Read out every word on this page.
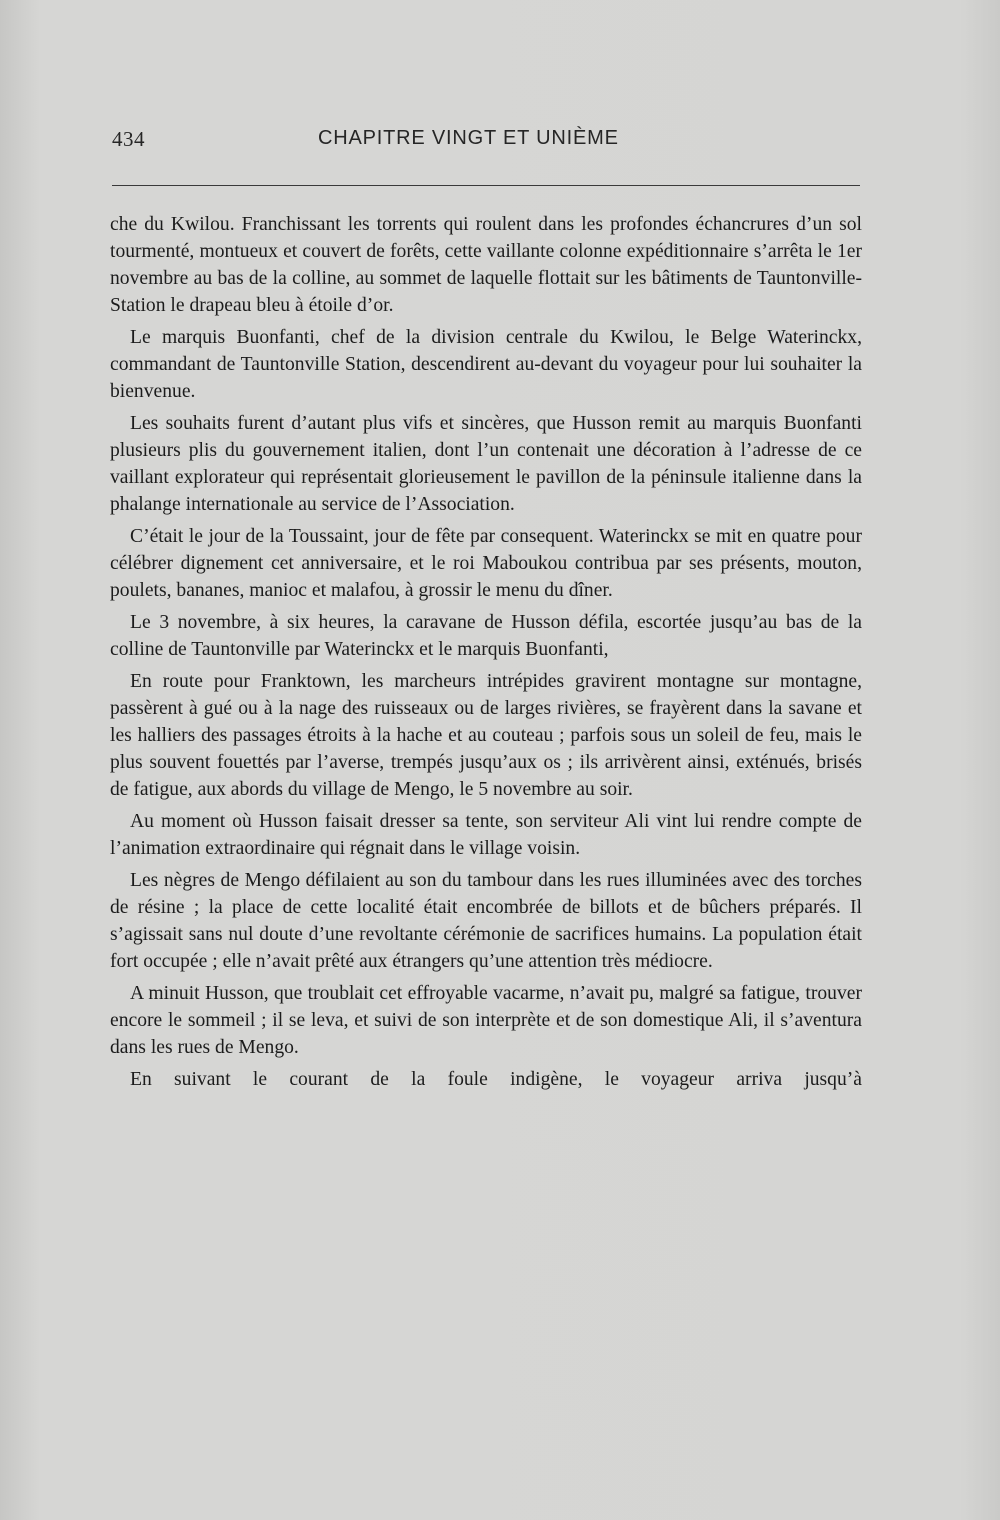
434	CHAPITRE VINGT ET UNIÈME

che du Kwilou. Franchissant les torrents qui roulent dans les profondes échancrures d’un sol tourmenté, montueux et couvert de forêts, cette vaillante colonne expéditionnaire s’arrêta le 1er novembre au bas de la colline, au sommet de laquelle flottait sur les bâtiments de Tauntonville-Station le drapeau bleu à étoile d’or.

Le marquis Buonfanti, chef de la division centrale du Kwilou, le Belge Waterinckx, commandant de Tauntonville Station, descendirent au-devant du voyageur pour lui souhaiter la bienvenue.

Les souhaits furent d’autant plus vifs et sincères, que Husson remit au marquis Buonfanti plusieurs plis du gouvernement italien, dont l’un contenait une décoration à l’adresse de ce vaillant explorateur qui représentait glorieusement le pavillon de la péninsule italienne dans la phalange internationale au service de l’Association.

C’était le jour de la Toussaint, jour de fête par consequent. Waterinckx se mit en quatre pour célébrer dignement cet anniversaire, et le roi Maboukou contribua par ses présents, mouton, poulets, bananes, manioc et malafou, à grossir le menu du dîner.

Le 3 novembre, à six heures, la caravane de Husson défila, escortée jusqu’au bas de la colline de Tauntonville par Waterinckx et le marquis Buonfanti,

En route pour Franktown, les marcheurs intrépides gravirent montagne sur montagne, passèrent à gué ou à la nage des ruisseaux ou de larges rivières, se frayèrent dans la savane et les halliers des passages étroits à la hache et au couteau ; parfois sous un soleil de feu, mais le plus souvent fouettés par l’averse, trempés jusqu’aux os ; ils arrivèrent ainsi, exténués, brisés de fatigue, aux abords du village de Mengo, le 5 novembre au soir.

Au moment où Husson faisait dresser sa tente, son serviteur Ali vint lui rendre compte de l’animation extraordinaire qui régnait dans le village voisin.

Les nègres de Mengo défilaient au son du tambour dans les rues illuminées avec des torches de résine ; la place de cette localité était encombrée de billots et de bûchers préparés. Il s’agissait sans nul doute d’une revoltante cérémonie de sacrifices humains. La population était fort occupée ; elle n’avait prêté aux étrangers qu’une attention très médiocre.

A minuit Husson, que troublait cet effroyable vacarme, n’avait pu, malgré sa fatigue, trouver encore le sommeil ; il se leva, et suivi de son interprète et de son domestique Ali, il s’aventura dans les rues de Mengo.

En suivant le courant de la foule indigène, le voyageur arriva jusqu’à
